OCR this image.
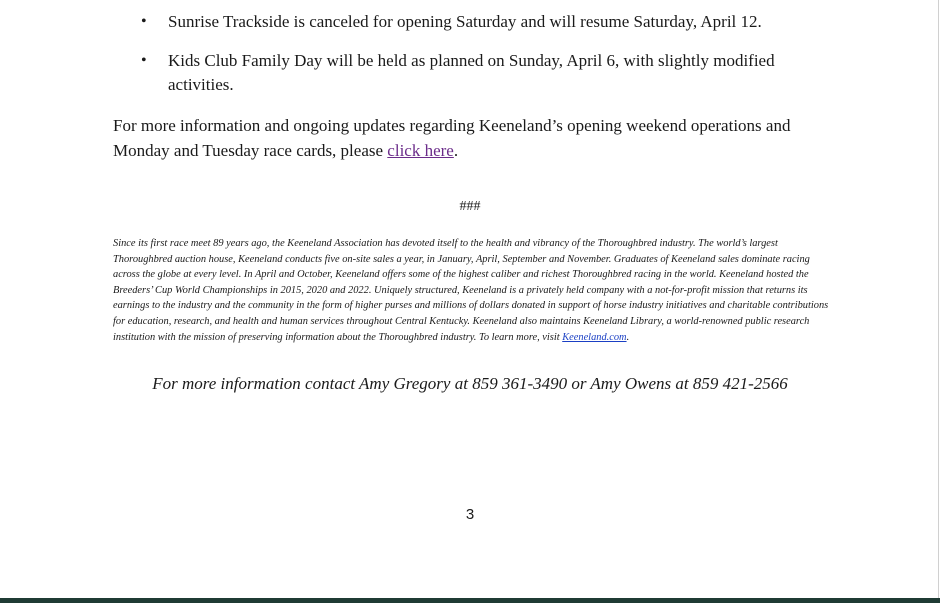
• Sunrise Trackside is canceled for opening Saturday and will resume Saturday, April 12.
• Kids Club Family Day will be held as planned on Sunday, April 6, with slightly modified activities.

For more information and ongoing updates regarding Keeneland’s opening weekend operations and Monday and Tuesday race cards, please click here.

###

Since its first race meet 89 years ago, the Keeneland Association has devoted itself to the health and vibrancy of the Thoroughbred industry. The world’s largest Thoroughbred auction house, Keeneland conducts five on-site sales a year, in January, April, September and November. Graduates of Keeneland sales dominate racing across the globe at every level. In April and October, Keeneland offers some of the highest caliber and richest Thoroughbred racing in the world. Keeneland hosted the Breeders’ Cup World Championships in 2015, 2020 and 2022. Uniquely structured, Keeneland is a privately held company with a not-for-profit mission that returns its earnings to the industry and the community in the form of higher purses and millions of dollars donated in support of horse industry initiatives and charitable contributions for education, research, and health and human services throughout Central Kentucky. Keeneland also maintains Keeneland Library, a world-renowned public research institution with the mission of preserving information about the Thoroughbred industry. To learn more, visit Keeneland.com.

For more information contact Amy Gregory at 859 361-3490 or Amy Owens at 859 421-2566
3
